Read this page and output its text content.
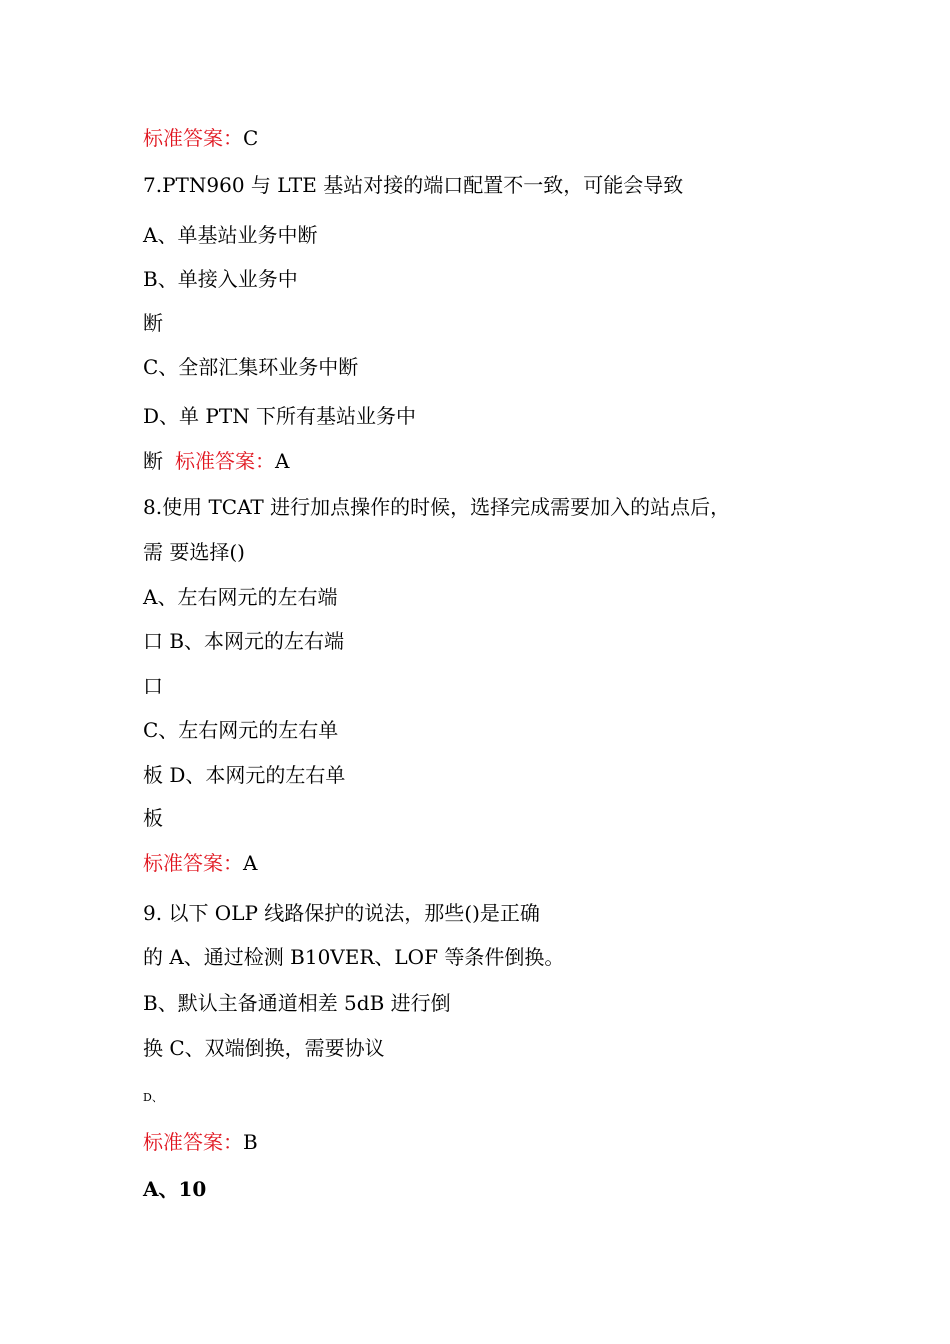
标准答案：C
7.PTN960 与 LTE 基站对接的端口配置不一致，可能会导致
A、单基站业务中断
B、单接入业务中
断
C、全部汇集环业务中断
D、单 PTN 下所有基站业务中
断 标准答案：A
8.使用 TCAT 进行加点操作的时候，选择完成需要加入的站点后，
需 要选择()
A、左右网元的左右端
口 B、本网元的左右端
口
C、左右网元的左右单
板 D、本网元的左右单
板
标准答案：A
9. 以下 OLP 线路保护的说法，那些()是正确
的 A、通过检测 B10VER、LOF 等条件倒换。
B、默认主备通道相差 5dB 进行倒
换 C、双端倒换，需要协议
D、
标准答案：B
A、10
